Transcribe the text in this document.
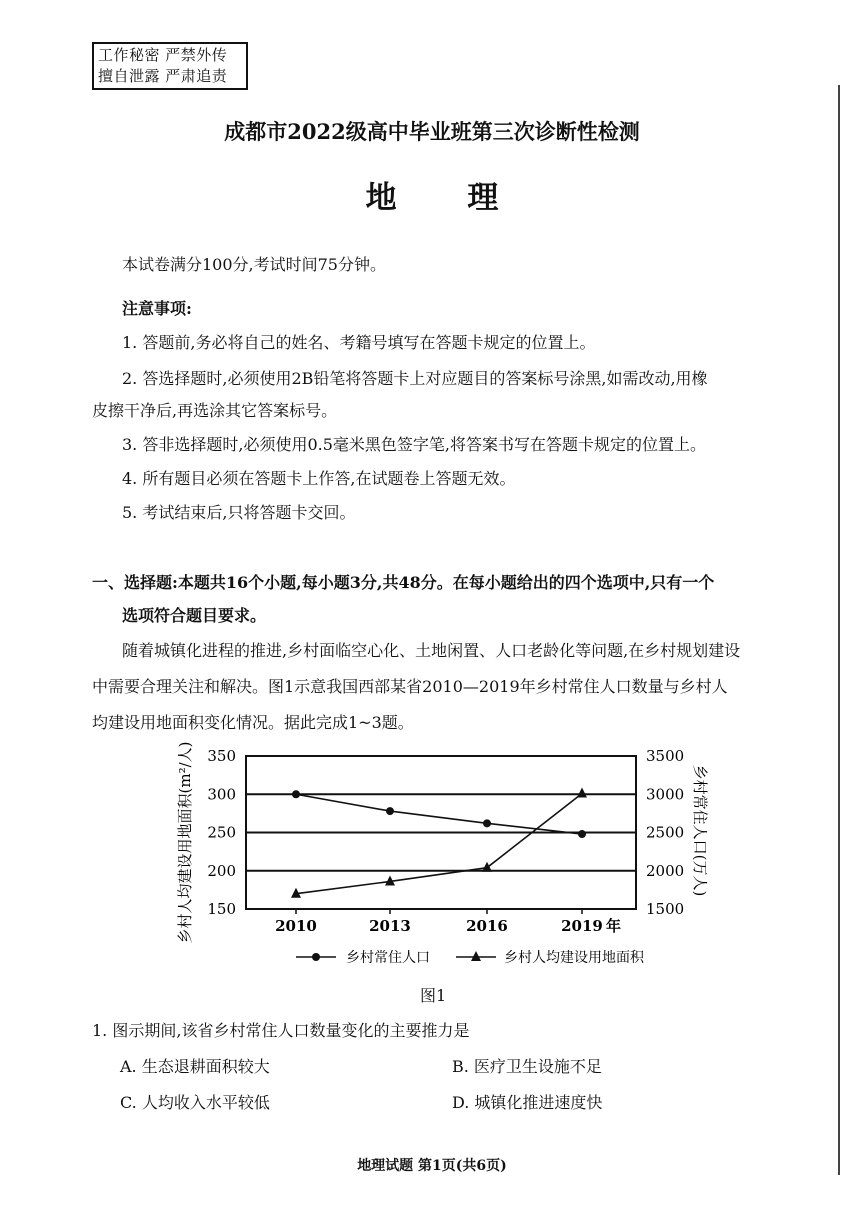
工作秘密 严禁外传
擅自泄露 严肃追责
成都市2022级高中毕业班第三次诊断性检测
地 理
本试卷满分100分,考试时间75分钟。
注意事项:
1. 答题前,务必将自己的姓名、考籍号填写在答题卡规定的位置上。
2. 答选择题时,必须使用2B铅笔将答题卡上对应题目的答案标号涂黑,如需改动,用橡
皮擦干净后,再选涂其它答案标号。
3. 答非选择题时,必须使用0.5毫米黑色签字笔,将答案书写在答题卡规定的位置上。
4. 所有题目必须在答题卡上作答,在试题卷上答题无效。
5. 考试结束后,只将答题卡交回。
一、选择题:本题共16个小题,每小题3分,共48分。在每小题给出的四个选项中,只有一个
选项符合题目要求。
随着城镇化进程的推进,乡村面临空心化、土地闲置、人口老龄化等问题,在乡村规划建设
中需要合理关注和解决。图1示意我国西部某省2010—2019年乡村常住人口数量与乡村人
均建设用地面积变化情况。据此完成1~3题。
150
200
250
300
350
1500
2000
2500
3000
3500
2010	2013	2016	2019 年
乡村人均建设用地面积(m²/人)	乡村常住人口(万人)
乡村常住人口	乡村人均建设用地面积
图1
1. 图示期间,该省乡村常住人口数量变化的主要推力是
A. 生态退耕面积较大	B. 医疗卫生设施不足
C. 人均收入水平较低	D. 城镇化推进速度快
地理试题 第1页(共6页)
